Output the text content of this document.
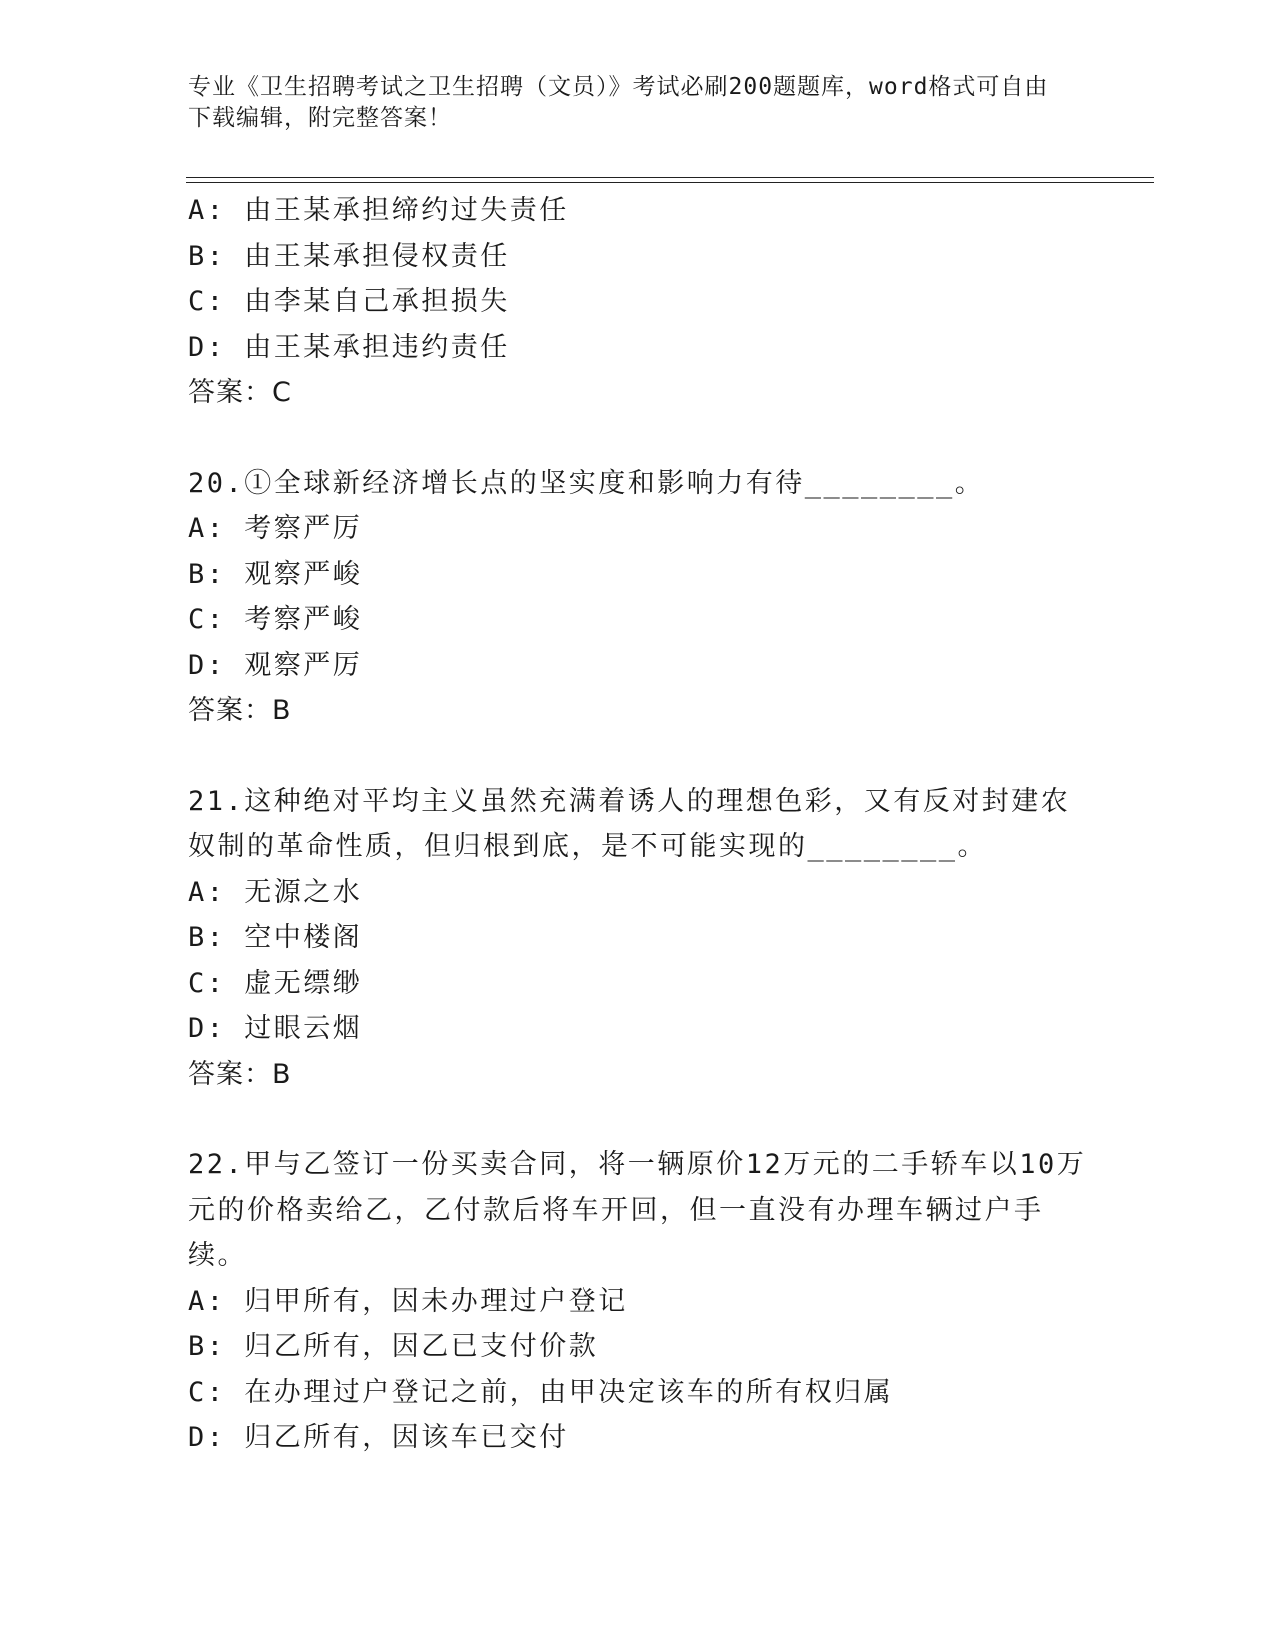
专业《卫生招聘考试之卫生招聘（文员）》考试必刷200题题库，word格式可自由下载编辑，附完整答案！
A: 由王某承担缔约过失责任
B: 由王某承担侵权责任
C: 由李某自己承担损失
D: 由王某承担违约责任
答案：C
20.①全球新经济增长点的坚实度和影响力有待________。
A: 考察严厉
B: 观察严峻
C: 考察严峻
D: 观察严厉
答案：B
21.这种绝对平均主义虽然充满着诱人的理想色彩，又有反对封建农奴制的革命性质，但归根到底，是不可能实现的________。
A: 无源之水
B: 空中楼阁
C: 虚无缥缈
D: 过眼云烟
答案：B
22.甲与乙签订一份买卖合同，将一辆原价12万元的二手轿车以10万元的价格卖给乙，乙付款后将车开回，但一直没有办理车辆过户手续。
A: 归甲所有，因未办理过户登记
B: 归乙所有，因乙已支付价款
C: 在办理过户登记之前，由甲决定该车的所有权归属
D: 归乙所有，因该车已交付
